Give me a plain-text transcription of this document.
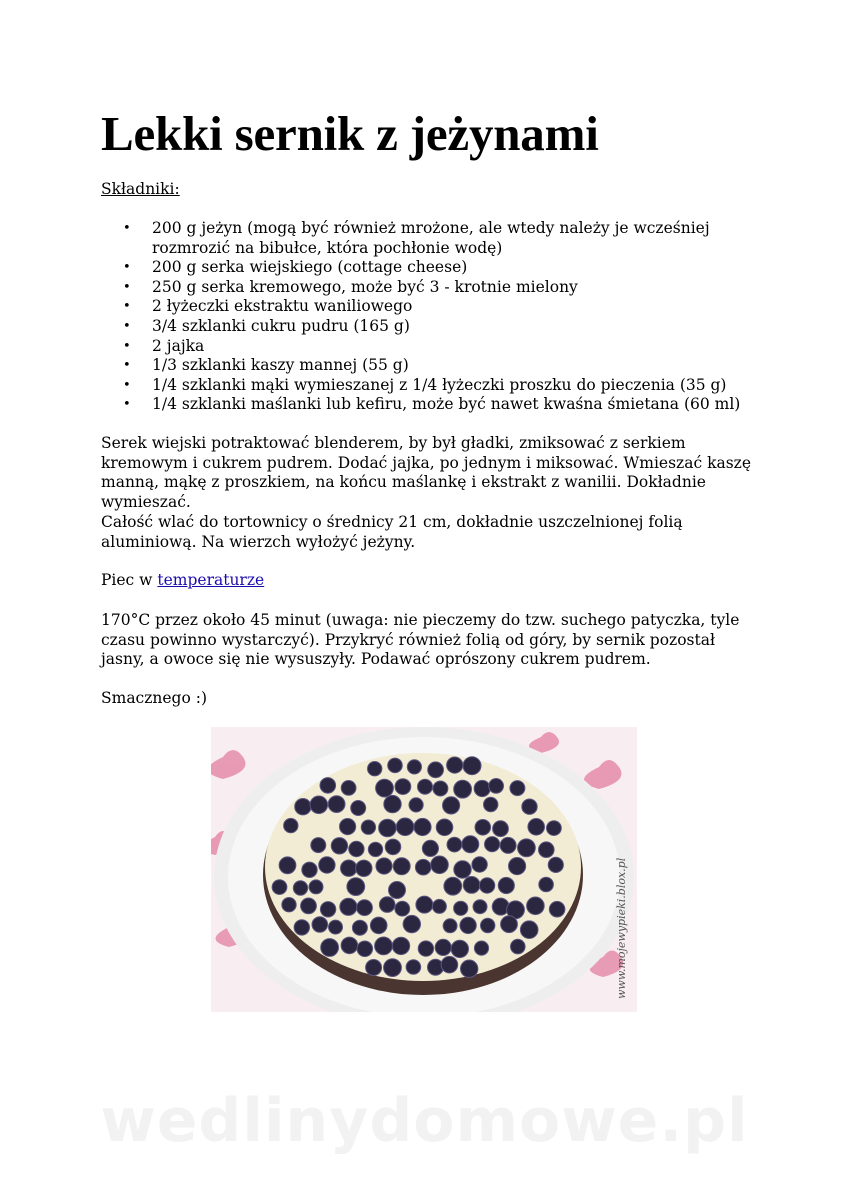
Lekki sernik z jeżynami

Składniki:

• 200 g jeżyn (mogą być również mrożone, ale wtedy należy je wcześniej rozmrozić na bibułce, która pochłonie wodę)
• 200 g serka wiejskiego (cottage cheese)
• 250 g serka kremowego, może być 3 - krotnie mielony
• 2 łyżeczki ekstraktu waniliowego
• 3/4 szklanki cukru pudru (165 g)
• 2 jajka
• 1/3 szklanki kaszy mannej (55 g)
• 1/4 szklanki mąki wymieszanej z 1/4 łyżeczki proszku do pieczenia (35 g)
• 1/4 szklanki maślanki lub kefiru, może być nawet kwaśna śmietana (60 ml)

Serek wiejski potraktować blenderem, by był gładki, zmiksować z serkiem kremowym i cukrem pudrem. Dodać jajka, po jednym i miksować. Wmieszać kaszę manną, mąkę z proszkiem, na końcu maślankę i ekstrakt z wanilii. Dokładnie wymieszać.

Całość wlać do tortownicy o średnicy 21 cm, dokładnie uszczelnionej folią aluminiową. Na wierzch wyłożyć jeżyny.

Piec w temperaturze

170°C przez około 45 minut (uwaga: nie pieczemy do tzw. suchego patyczka, tyle czasu powinno wystarczyć). Przykryć również folią od góry, by sernik pozostał jasny, a owoce się nie wysuszyły. Podawać oprószony cukrem pudrem.

Smacznego :)

www.mojewypieki.blox.pl
wedlinydomowe.pl
